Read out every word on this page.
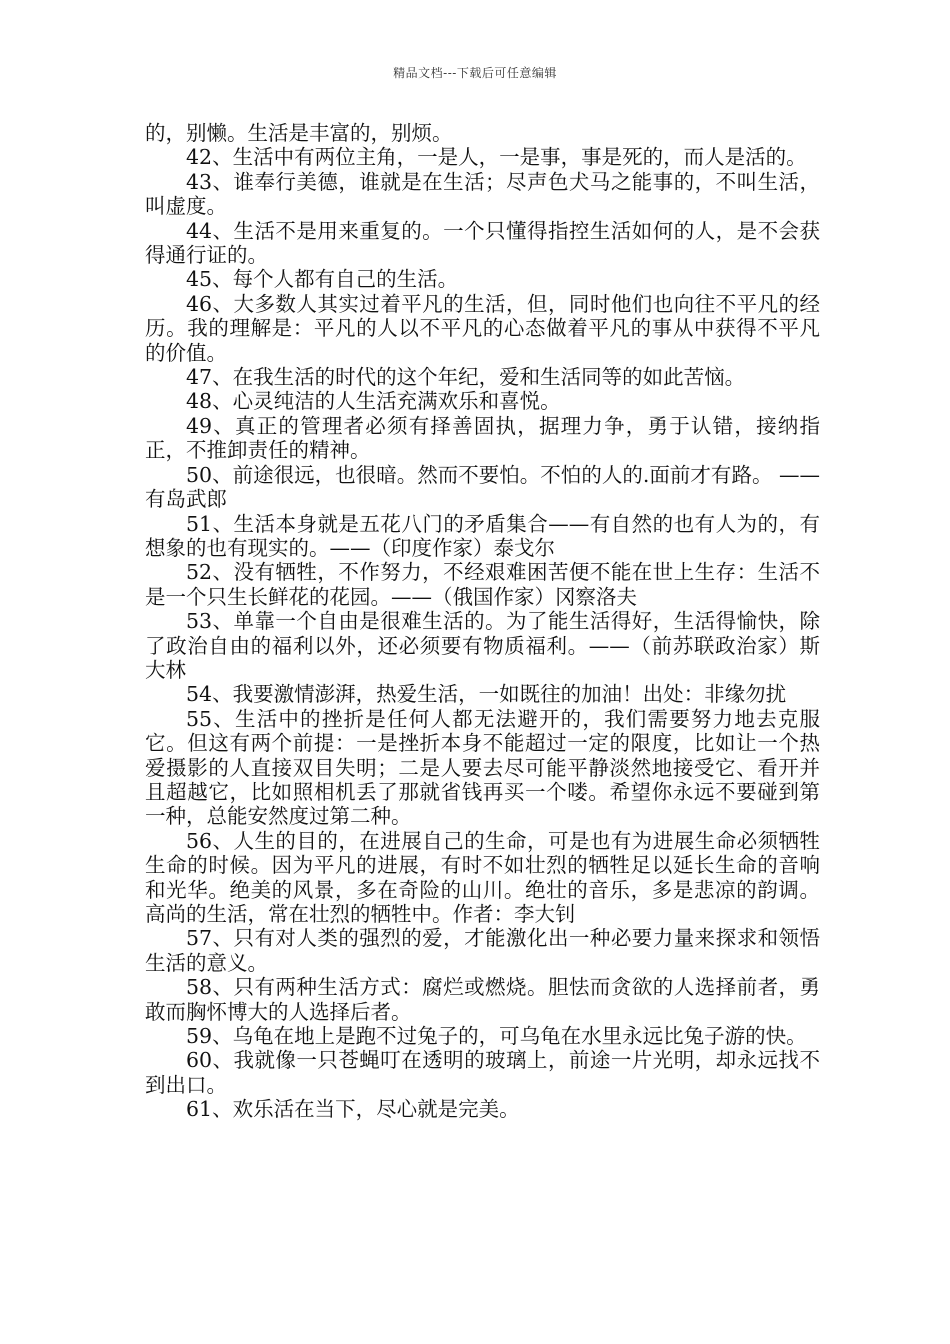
精品文档---下载后可任意编辑

的，别懒。生活是丰富的，别烦。

42、生活中有两位主角，一是人，一是事，事是死的，而人是活的。

43、谁奉行美德，谁就是在生活；尽声色犬马之能事的，不叫生活，叫虚度。

44、生活不是用来重复的。一个只懂得指控生活如何的人，是不会获得通行证的。

45、每个人都有自己的生活。

46、大多数人其实过着平凡的生活，但，同时他们也向往不平凡的经历。我的理解是：平凡的人以不平凡的心态做着平凡的事从中获得不平凡的价值。

47、在我生活的时代的这个年纪，爱和生活同等的如此苦恼。

48、心灵纯洁的人生活充满欢乐和喜悦。

49、真正的管理者必须有择善固执，据理力争，勇于认错，接纳指正，不推卸责任的精神。

50、前途很远，也很暗。然而不要怕。不怕的人的.面前才有路。 ——有岛武郎

51、生活本身就是五花八门的矛盾集合——有自然的也有人为的，有想象的也有现实的。——（印度作家）泰戈尔

52、没有牺牲，不作努力，不经艰难困苦便不能在世上生存：生活不是一个只生长鲜花的花园。——（俄国作家）冈察洛夫

53、单靠一个自由是很难生活的。为了能生活得好，生活得愉快，除了政治自由的福利以外，还必须要有物质福利。——（前苏联政治家）斯大林

54、我要激情澎湃，热爱生活，一如既往的加油！出处：非缘勿扰

55、生活中的挫折是任何人都无法避开的，我们需要努力地去克服它。但这有两个前提：一是挫折本身不能超过一定的限度，比如让一个热爱摄影的人直接双目失明；二是人要去尽可能平静淡然地接受它、看开并且超越它，比如照相机丢了那就省钱再买一个喽。希望你永远不要碰到第一种，总能安然度过第二种。

56、人生的目的，在进展自己的生命，可是也有为进展生命必须牺牲生命的时候。因为平凡的进展，有时不如壮烈的牺牲足以延长生命的音响和光华。绝美的风景，多在奇险的山川。绝壮的音乐，多是悲凉的韵调。高尚的生活，常在壮烈的牺牲中。作者：李大钊

57、只有对人类的强烈的爱，才能激化出一种必要力量来探求和领悟生活的意义。

58、只有两种生活方式：腐烂或燃烧。胆怯而贪欲的人选择前者，勇敢而胸怀博大的人选择后者。

59、乌龟在地上是跑不过兔子的，可乌龟在水里永远比兔子游的快。

60、我就像一只苍蝇叮在透明的玻璃上，前途一片光明，却永远找不到出口。

61、欢乐活在当下，尽心就是完美。
